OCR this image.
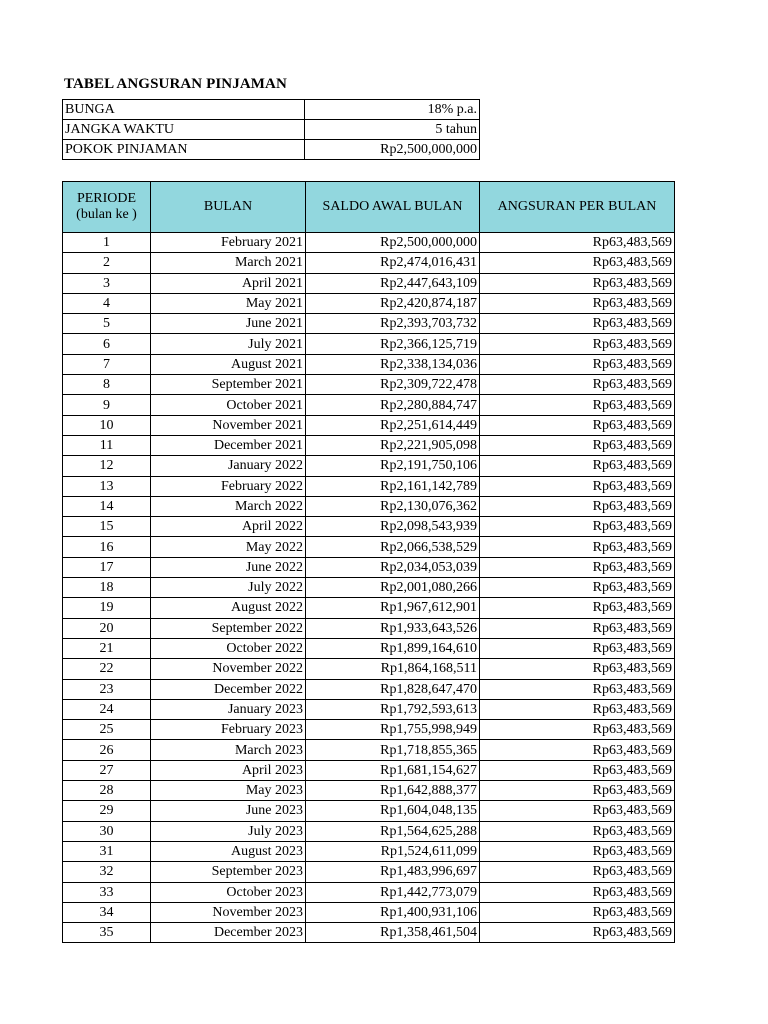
TABEL ANGSURAN PINJAMAN
BUNGA	18% p.a.
JANGKA WAKTU	5 tahun
POKOK PINJAMAN	Rp2,500,000,000
PERIODE
(bulan ke )	BULAN	SALDO AWAL BULAN	ANGSURAN PER BULAN
1	February 2021	Rp2,500,000,000	Rp63,483,569
2	March 2021	Rp2,474,016,431	Rp63,483,569
3	April 2021	Rp2,447,643,109	Rp63,483,569
4	May 2021	Rp2,420,874,187	Rp63,483,569
5	June 2021	Rp2,393,703,732	Rp63,483,569
6	July 2021	Rp2,366,125,719	Rp63,483,569
7	August 2021	Rp2,338,134,036	Rp63,483,569
8	September 2021	Rp2,309,722,478	Rp63,483,569
9	October 2021	Rp2,280,884,747	Rp63,483,569
10	November 2021	Rp2,251,614,449	Rp63,483,569
11	December 2021	Rp2,221,905,098	Rp63,483,569
12	January 2022	Rp2,191,750,106	Rp63,483,569
13	February 2022	Rp2,161,142,789	Rp63,483,569
14	March 2022	Rp2,130,076,362	Rp63,483,569
15	April 2022	Rp2,098,543,939	Rp63,483,569
16	May 2022	Rp2,066,538,529	Rp63,483,569
17	June 2022	Rp2,034,053,039	Rp63,483,569
18	July 2022	Rp2,001,080,266	Rp63,483,569
19	August 2022	Rp1,967,612,901	Rp63,483,569
20	September 2022	Rp1,933,643,526	Rp63,483,569
21	October 2022	Rp1,899,164,610	Rp63,483,569
22	November 2022	Rp1,864,168,511	Rp63,483,569
23	December 2022	Rp1,828,647,470	Rp63,483,569
24	January 2023	Rp1,792,593,613	Rp63,483,569
25	February 2023	Rp1,755,998,949	Rp63,483,569
26	March 2023	Rp1,718,855,365	Rp63,483,569
27	April 2023	Rp1,681,154,627	Rp63,483,569
28	May 2023	Rp1,642,888,377	Rp63,483,569
29	June 2023	Rp1,604,048,135	Rp63,483,569
30	July 2023	Rp1,564,625,288	Rp63,483,569
31	August 2023	Rp1,524,611,099	Rp63,483,569
32	September 2023	Rp1,483,996,697	Rp63,483,569
33	October 2023	Rp1,442,773,079	Rp63,483,569
34	November 2023	Rp1,400,931,106	Rp63,483,569
35	December 2023	Rp1,358,461,504	Rp63,483,569
